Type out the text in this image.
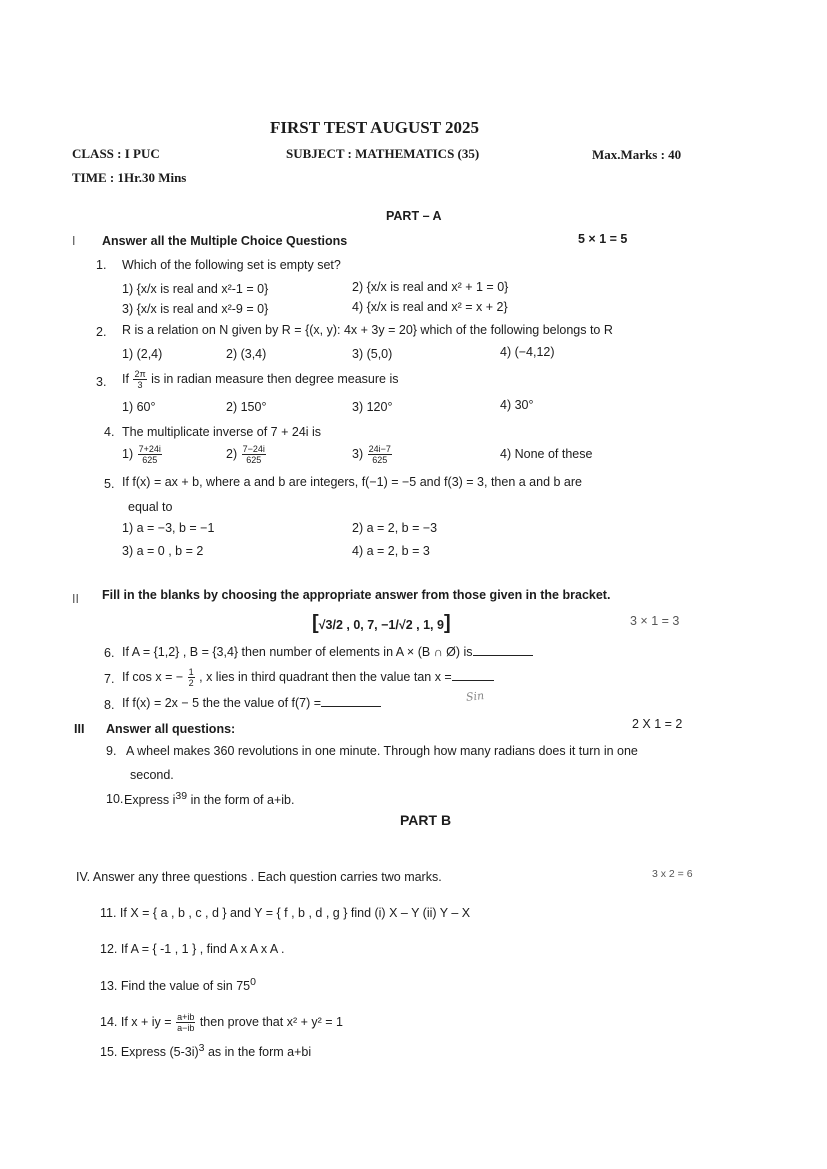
FIRST TEST AUGUST 2025
CLASS : I PUC	SUBJECT : MATHEMATICS (35)	Max.Marks : 40
TIME : 1Hr.30 Mins
PART – A
I Answer all the Multiple Choice Questions	5 × 1 = 5
1. Which of the following set is empty set?
1) {x/x is real and x²-1 = 0}	2) {x/x is real and x² + 1 = 0}
3) {x/x is real and x²-9 = 0}	4) {x/x is real and x² = x + 2}
2. R is a relation on N given by R = {(x, y): 4x + 3y = 20} which of the following belongs to R
1) (2,4)	2) (3,4)	3) (5,0)	4) (−4,12)
3. If $\frac{2\pi}{3}$ is in radian measure then degree measure is
1) 60°	2) 150°	3) 120°	4) 30°
4. The multiplicate inverse of 7 + 24i is
$1) \frac{7+24i}{625}$	$2) \frac{7-24i}{625}$	$3) \frac{24i-7}{625}$	4) None of these
5. If f(x) = ax + b, where a and b are integers, f(−1) = −5 and f(3) = 3, then a and b are
equal to
1) a = −3, b = −1	2) a = 2, b = −3
3) a = 0 , b = 2	4) a = 2, b = 3
II Fill in the blanks by choosing the appropriate answer from those given in the bracket.
[√3/2 , 0, 7, −1/√2 , 1, 9]	3 × 1 = 3
6. If A = {1,2} , B = {3,4} then number of elements in A × (B ∩ Ø) is
7. If cos x = − $\frac{1}{2}$ , x lies in third quadrant then the value tan x =
8. If f(x) = 2x − 5 the the value of f(7) =	Sin
III Answer all questions:	2 X 1 = 2
9. A wheel makes 360 revolutions in one minute. Through how many radians does it turn in one
second.
10. Express $i^{39}$ in the form of a+ib.
PART B
IV. Answer any three questions . Each question carries two marks.	3 x 2 = 6
11. If X = { a , b , c , d } and Y = { f , b , d , g } find (i) X – Y (ii) Y – X
12. If A = { -1 , 1 } , find A x A x A .
13. Find the value of $\sin 75^0$
14. If x + iy = $\frac{a+ib}{a-ib}$ then prove that x² + y² = 1
15. Express $(5-3i)^3$ as in the form a+bi
